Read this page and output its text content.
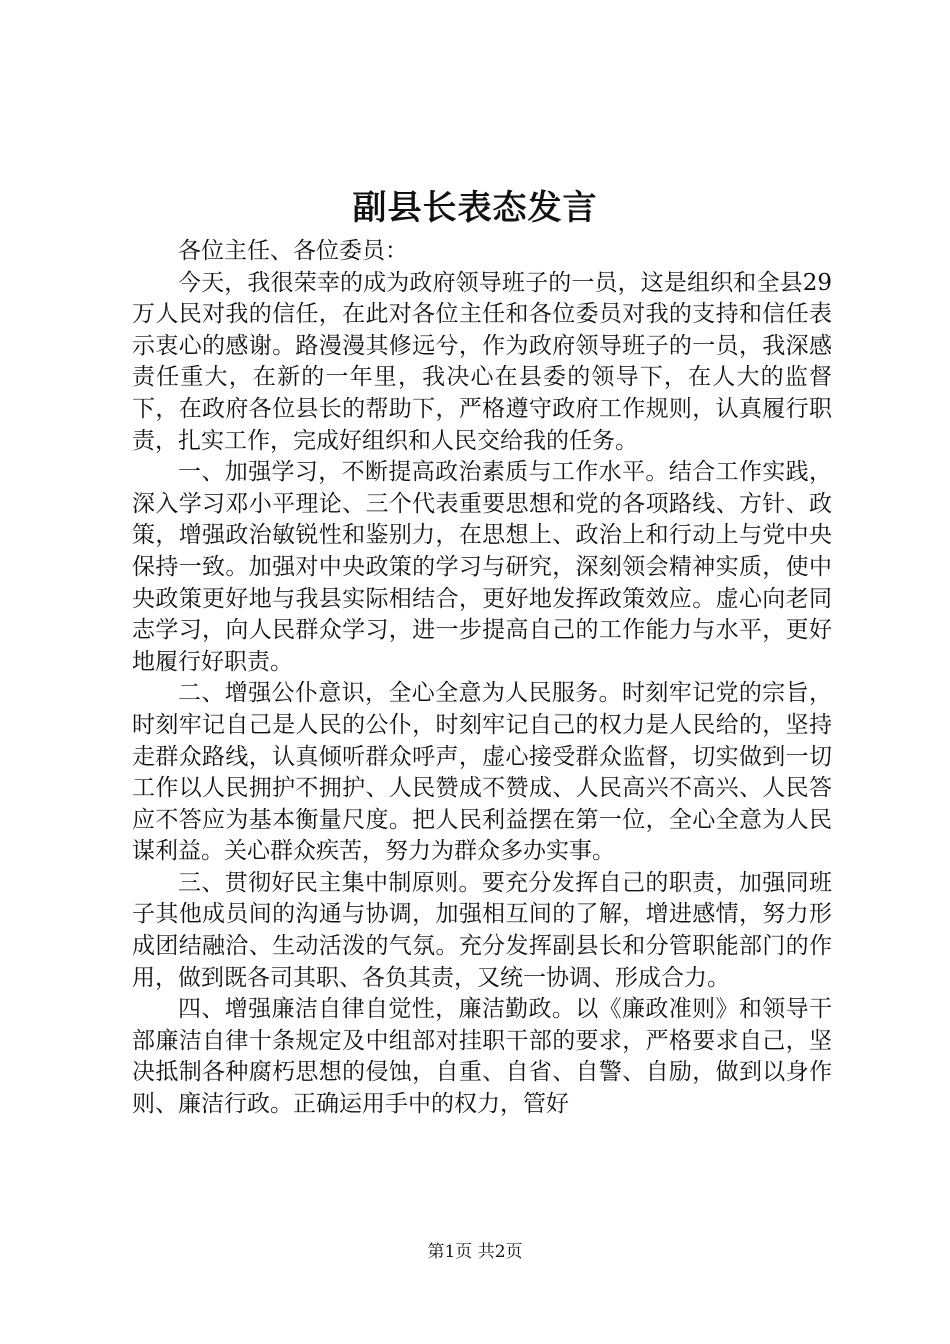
副县长表态发言

各位主任、各位委员：

今天，我很荣幸的成为政府领导班子的一员，这是组织和全县29万人民对我的信任，在此对各位主任和各位委员对我的支持和信任表示衷心的感谢。路漫漫其修远兮，作为政府领导班子的一员，我深感责任重大，在新的一年里，我决心在县委的领导下，在人大的监督下，在政府各位县长的帮助下，严格遵守政府工作规则，认真履行职责，扎实工作，完成好组织和人民交给我的任务。

一、加强学习，不断提高政治素质与工作水平。结合工作实践，深入学习邓小平理论、三个代表重要思想和党的各项路线、方针、政策，增强政治敏锐性和鉴别力，在思想上、政治上和行动上与党中央保持一致。加强对中央政策的学习与研究，深刻领会精神实质，使中央政策更好地与我县实际相结合，更好地发挥政策效应。虚心向老同志学习，向人民群众学习，进一步提高自己的工作能力与水平，更好地履行好职责。

二、增强公仆意识，全心全意为人民服务。时刻牢记党的宗旨，时刻牢记自己是人民的公仆，时刻牢记自己的权力是人民给的，坚持走群众路线，认真倾听群众呼声，虚心接受群众监督，切实做到一切工作以人民拥护不拥护、人民赞成不赞成、人民高兴不高兴、人民答应不答应为基本衡量尺度。把人民利益摆在第一位，全心全意为人民谋利益。关心群众疾苦，努力为群众多办实事。

三、贯彻好民主集中制原则。要充分发挥自己的职责，加强同班子其他成员间的沟通与协调，加强相互间的了解，增进感情，努力形成团结融洽、生动活泼的气氛。充分发挥副县长和分管职能部门的作用，做到既各司其职、各负其责，又统一协调、形成合力。

四、增强廉洁自律自觉性，廉洁勤政。以《廉政准则》和领导干部廉洁自律十条规定及中组部对挂职干部的要求，严格要求自己，坚决抵制各种腐朽思想的侵蚀，自重、自省、自警、自励，做到以身作则、廉洁行政。正确运用手中的权力，管好

第1页 共2页
